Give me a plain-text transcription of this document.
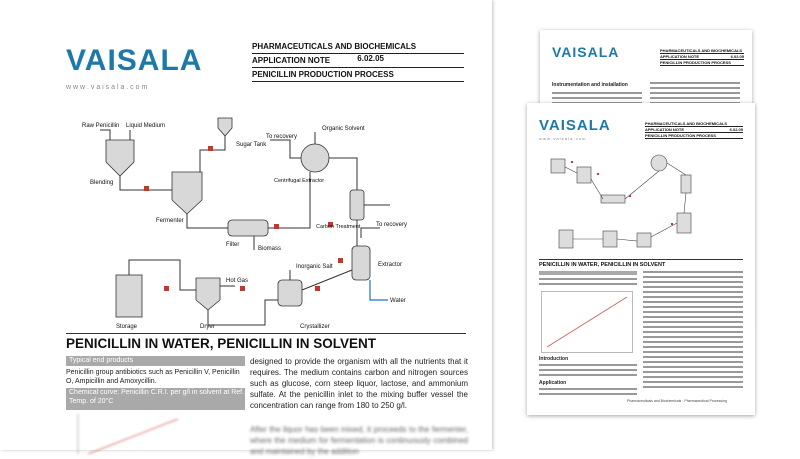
VAISALA	PHARMACEUTICALS AND BIOCHEMICALS
APPLICATION NOTE	6.02.05
PENICILLIN PRODUCTION PROCESS
Instrumentation and installation
VAISALA
w w w . v a i s a l a . c o m
PHARMACEUTICALS AND BIOCHEMICALS
APPLICATION NOTE	6.02.05
PENICILLIN PRODUCTION PROCESS
PENICILLIN IN WATER, PENICILLIN IN SOLVENT
Introduction
Application
Pharmaceuticals and Biochemicals · Pharmaceutical Processing
VAISALA
w w w . v a i s a l a . c o m
PHARMACEUTICALS AND BIOCHEMICALS
APPLICATION NOTE	6.02.05
PENICILLIN PRODUCTION PROCESS
Raw Penicillin Liquid Medium
Blending
Sugar Tank
Fermenter
To recovery
Organic Solvent
Centrifugal Extractor
Filter
Carbon Treatment	To recovery
Biomass
Inorganic Salt	Extractor
Hot Gas
Water
Storage	Dryer	Crystallizer
PENICILLIN IN WATER, PENICILLIN IN SOLVENT
Typical end products
Penicillin group antibiotics such as Penicillin V, Penicillin O, Ampicillin and Amoxycillin.
Chemical curve: Penicillin C.R.I. per g/l in solvent at Ref. Temp. of 20°C
designed to provide the organism with all the nutrients that it requires. The medium contains carbon and nitrogen sources such as glucose, corn steep liquor, lactose, and ammonium sulfate. At the penicillin inlet to the mixing buffer vessel the concentration can range from 180 to 250 g/l.
After the liquor has been mixed, it proceeds to the fermenter, where the medium for fermentation is continuously combined and maintained by the addition
